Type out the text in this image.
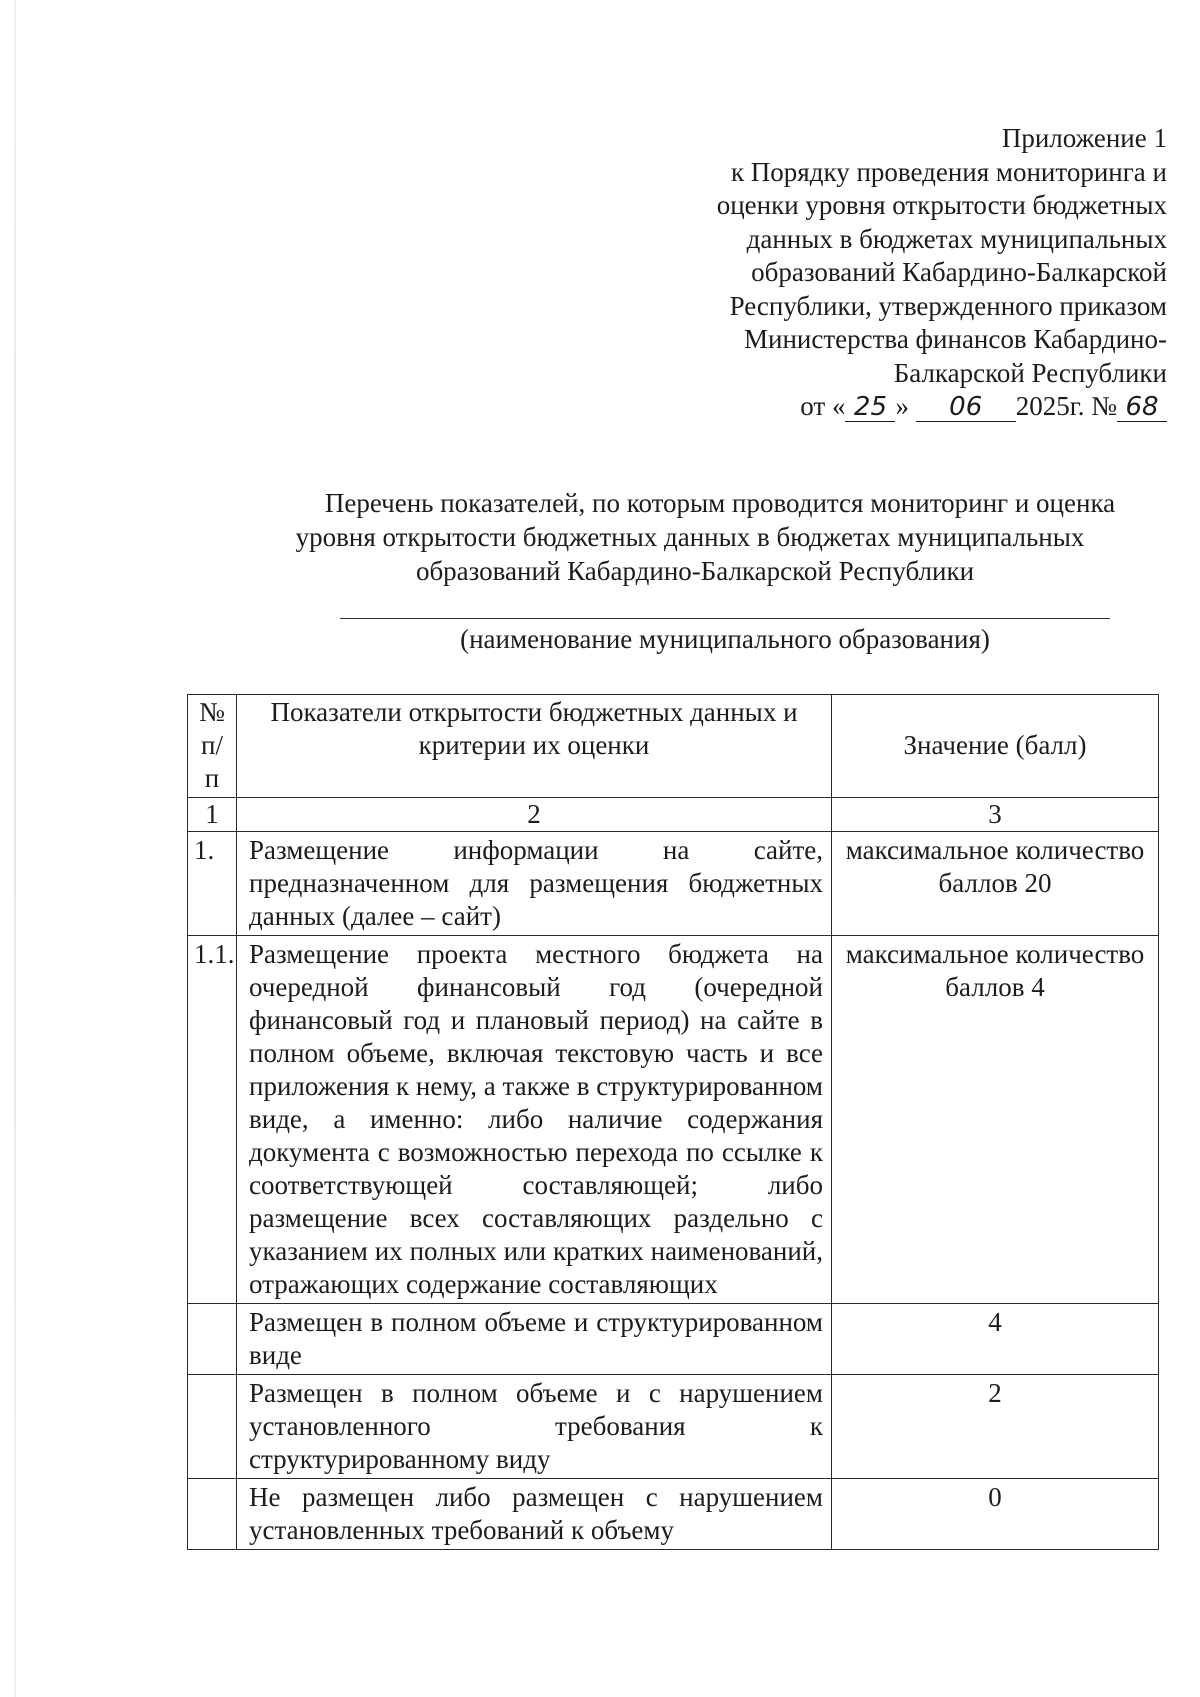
Приложение 1
к Порядку проведения мониторинга и
оценки уровня открытости бюджетных
данных в бюджетах муниципальных
образований Кабардино-Балкарской
Республики, утвержденного приказом
Министерства финансов Кабардино-
Балкарской Республики
от « 25 » 06 2025г. № 68
Перечень показателей, по которым проводится мониторинг и оценка
уровня открытости бюджетных данных в бюджетах муниципальных
образований Кабардино-Балкарской Республики
(наименование муниципального образования)
№ п/п	Показатели открытости бюджетных данных и критерии их оценки	Значение (балл)
1	2	3
1.	Размещение информации на сайте, предназначенном для размещения бюджетных данных (далее – сайт)	максимальное количество баллов 20
1.1.	Размещение проекта местного бюджета на очередной финансовый год (очередной финансовый год и плановый период) на сайте в полном объеме, включая текстовую часть и все приложения к нему, а также в структурированном виде, а именно: либо наличие содержания документа с возможностью перехода по ссылке к соответствующей составляющей; либо размещение всех составляющих раздельно с указанием их полных или кратких наименований, отражающих содержание составляющих	максимальное количество баллов 4
	Размещен в полном объеме и структурированном виде	4
	Размещен в полном объеме и с нарушением установленного требования к структурированному виду	2
	Не размещен либо размещен с нарушением установленных требований к объему	0
